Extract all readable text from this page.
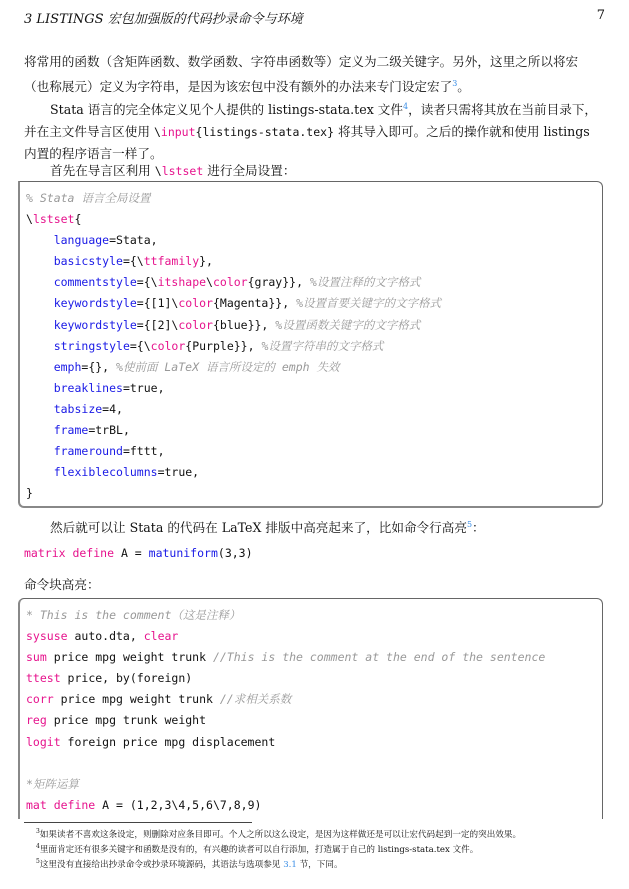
3 LISTINGS 宏包加强版的代码抄录命令与环境	7
将常用的函数（含矩阵函数、数学函数、字符串函数等）定义为二级关键字。另外，这里之所以将宏（也称展元）定义为字符串，是因为该宏包中没有额外的办法来专门设定宏了$^3$。
Stata 语言的完全体定义见个人提供的 listings-stata.tex 文件$^4$，读者只需将其放在当前目录下，并在主文件导言区使用 \input{listings-stata.tex} 将其导入即可。之后的操作就和使用 listings 内置的程序语言一样了。
首先在导言区利用 \lstset 进行全局设置：
% Stata 语言全局设置
\lstset{
language=Stata,
basicstyle={\ttfamily},
commentstyle={\itshape\color{gray}}, %设置注释的文字格式
keywordstyle={[1]\color{Magenta}}, %设置首要关键字的文字格式
keywordstyle={[2]\color{blue}}, %设置函数关键字的文字格式
stringstyle={\color{Purple}}, %设置字符串的文字格式
emph={}, %使前面 LaTeX 语言所设定的 emph 失效
breaklines=true,
tabsize=4,
frame=trBL,
frameround=fttt,
flexiblecolumns=true,
}
然后就可以让 Stata 的代码在 LaTeX 排版中高亮起来了，比如命令行高亮$^5$：
matrix define A = matuniform(3,3)
命令块高亮：
* This is the comment（这是注释）
sysuse auto.dta, clear
sum price mpg weight trunk //This is the comment at the end of the sentence
ttest price, by(foreign)
corr price mpg weight trunk //求相关系数
reg price mpg trunk weight
logit foreign price mpg displacement

*矩阵运算
mat define A = (1,2,3\4,5,6\7,8,9)
$^3$如果读者不喜欢这条设定，则删除对应条目即可。个人之所以这么设定，是因为这样做还是可以让宏代码起到一定的突出效果。
$^4$里面肯定还有很多关键字和函数是没有的，有兴趣的读者可以自行添加，打造属于自己的 listings-stata.tex 文件。
$^5$这里没有直接给出抄录命令或抄录环境源码，其语法与选项参见 3.1 节，下同。
